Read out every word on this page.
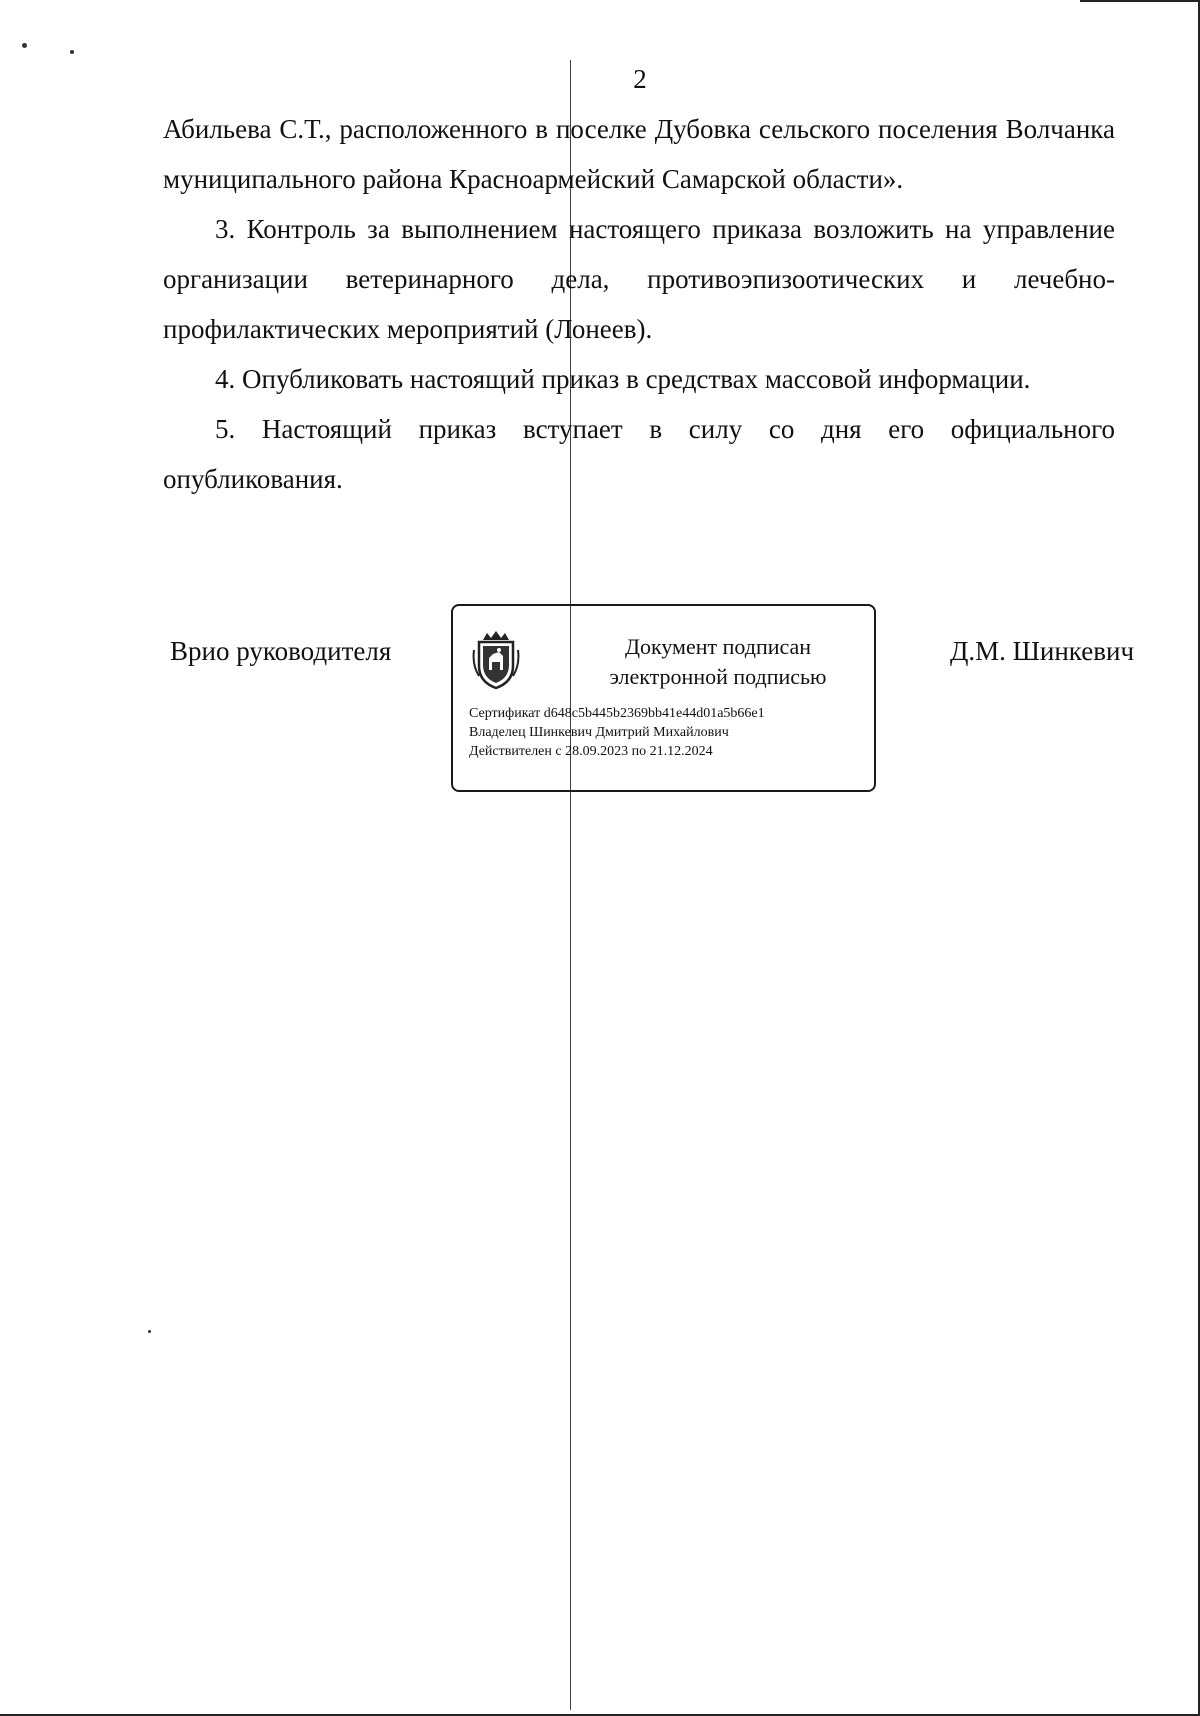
2

Абильева С.Т., расположенного в поселке Дубовка сельского поселения Волчанка муниципального района Красноармейский Самарской области».

3. Контроль за выполнением настоящего приказа возложить на управление организации ветеринарного дела, противоэпизоотических и лечебно-профилактических мероприятий (Лонеев).

4. Опубликовать настоящий приказ в средствах массовой информации.

5. Настоящий приказ вступает в силу со дня его официального опубликования.

Врио руководителя	Д.М. Шинкевич
Документ подписан
электронной подписью
Сертификат d648c5b445b2369bb41e44d01a5b66e1
Владелец Шинкевич Дмитрий Михайлович
Действителен с 28.09.2023 по 21.12.2024
